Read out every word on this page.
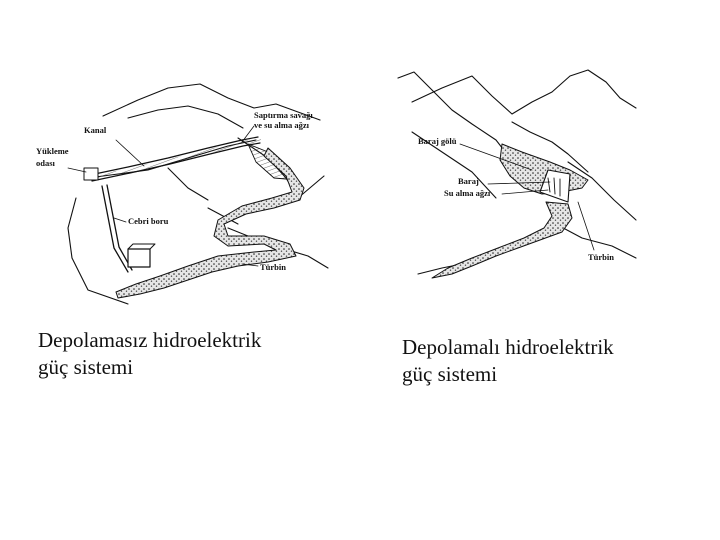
Kanal
Saptırma savağı
ve su alma ağzı
Yükleme
odası
Cebri boru
Türbin
Baraj gölü
Baraj
Su alma ağzı
Türbin
Depolamasız hidroelektrik
güç sistemi
Depolamalı hidroelektrik
güç sistemi
